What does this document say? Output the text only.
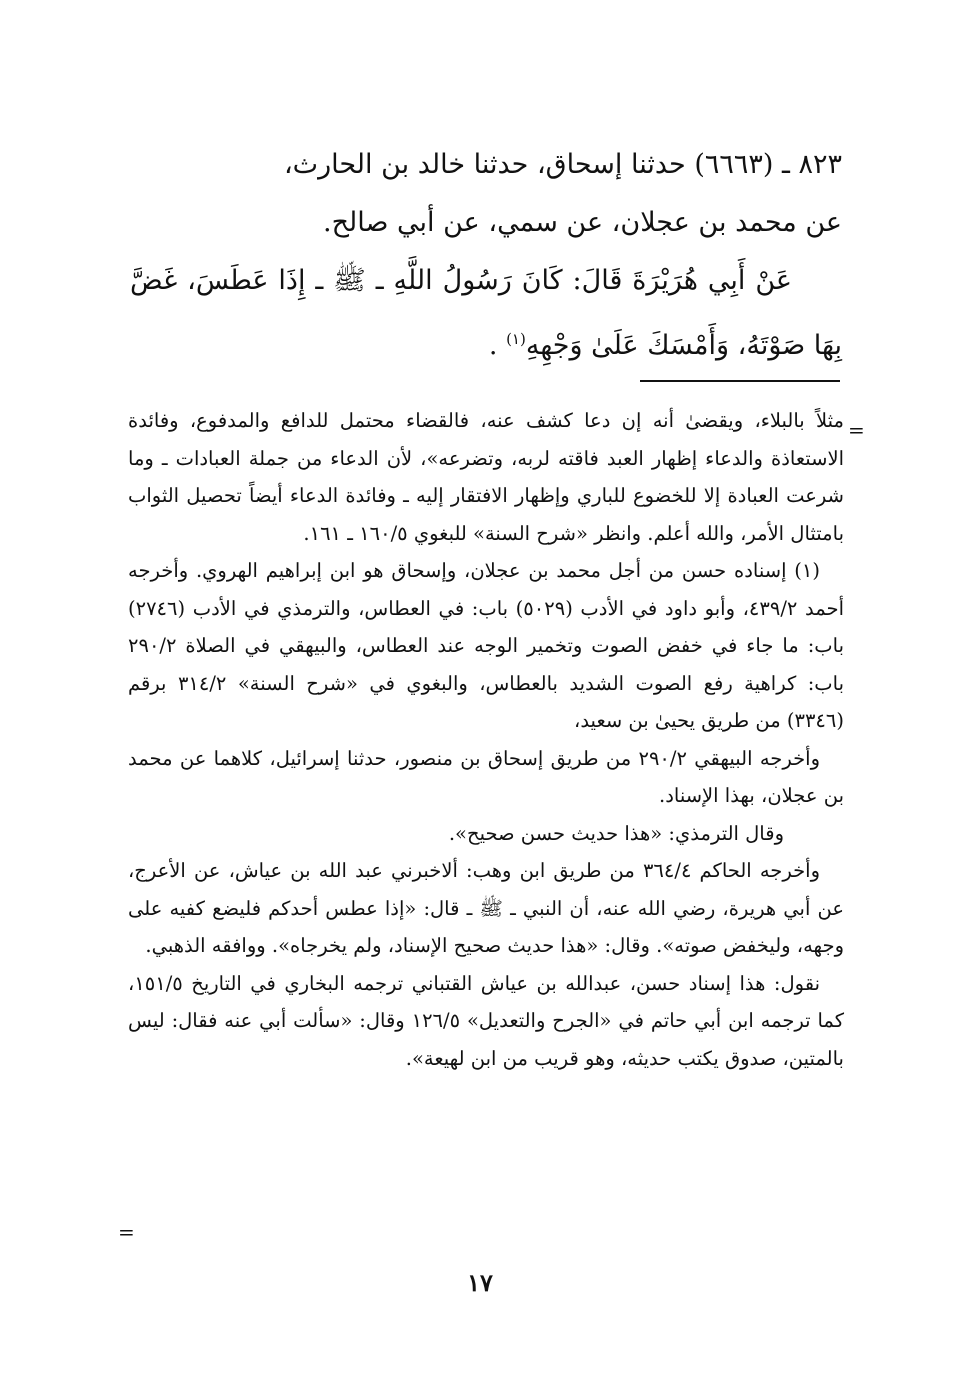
٨٢٣ ـ (٦٦٦٣) حدثنا إسحاق، حدثنا خالد بن الحارث،

عن محمد بن عجلان، عن سمي، عن أبي صالح.

عَنْ أَبِي هُرَيْرَةَ قَالَ: كَانَ رَسُولُ اللَّهِ ـ ﷺ ـ إِذَا عَطَسَ، غَضَّ بِهَا صَوْتَهُ، وَأَمْسَكَ عَلَىٰ وَجْهِهِ$^{(١)}$ .

=

مثلاً بالبلاء، ويقضىٰ أنه إن دعا كشف عنه، فالقضاء محتمل للدافع والمدفوع، وفائدة الاستعاذة والدعاء إظهار العبد فاقته لربه، وتضرعه»، لأن الدعاء من جملة العبادات ـ وما شرعت العبادة إلا للخضوع للباري وإظهار الافتقار إليه ـ وفائدة الدعاء أيضاً تحصيل الثواب بامتثال الأمر، والله أعلم. وانظر «شرح السنة» للبغوي ١٦٠/٥ ـ ١٦١.

(١) إسناده حسن من أجل محمد بن عجلان، وإسحاق هو ابن إبراهيم الهروي. وأخرجه أحمد ٤٣٩/٢، وأبو داود في الأدب (٥٠٢٩) باب: في العطاس، والترمذي في الأدب (٢٧٤٦) باب: ما جاء في خفض الصوت وتخمير الوجه عند العطاس، والبيهقي في الصلاة ٢٩٠/٢ باب: كراهية رفع الصوت الشديد بالعطاس، والبغوي في «شرح السنة» ٣١٤/٢ برقم (٣٣٤٦) من طريق يحيىٰ بن سعيد،

وأخرجه البيهقي ٢٩٠/٢ من طريق إسحاق بن منصور، حدثنا إسرائيل، كلاهما عن محمد بن عجلان، بهذا الإسناد.

وقال الترمذي: «هذا حديث حسن صحيح».

وأخرجه الحاكم ٣٦٤/٤ من طريق ابن وهب: ألاخبرني عبد الله بن عياش، عن الأعرج، عن أبي هريرة، رضي الله عنه، أن النبي ـ ﷺ ـ قال: «إذا عطس أحدكم فليضع كفيه على وجهه، وليخفض صوته». وقال: «هذا حديث صحيح الإسناد، ولم يخرجاه». ووافقه الذهبي.

نقول: هذا إسناد حسن، عبدالله بن عياش القتباني ترجمه البخاري في التاريخ ١٥١/٥، كما ترجمه ابن أبي حاتم في «الجرح والتعديل» ١٢٦/٥ وقال: «سألت أبي عنه فقال: ليس بالمتين، صدوق يكتب حديثه، وهو قريب من ابن لهيعة».

=
١٧
